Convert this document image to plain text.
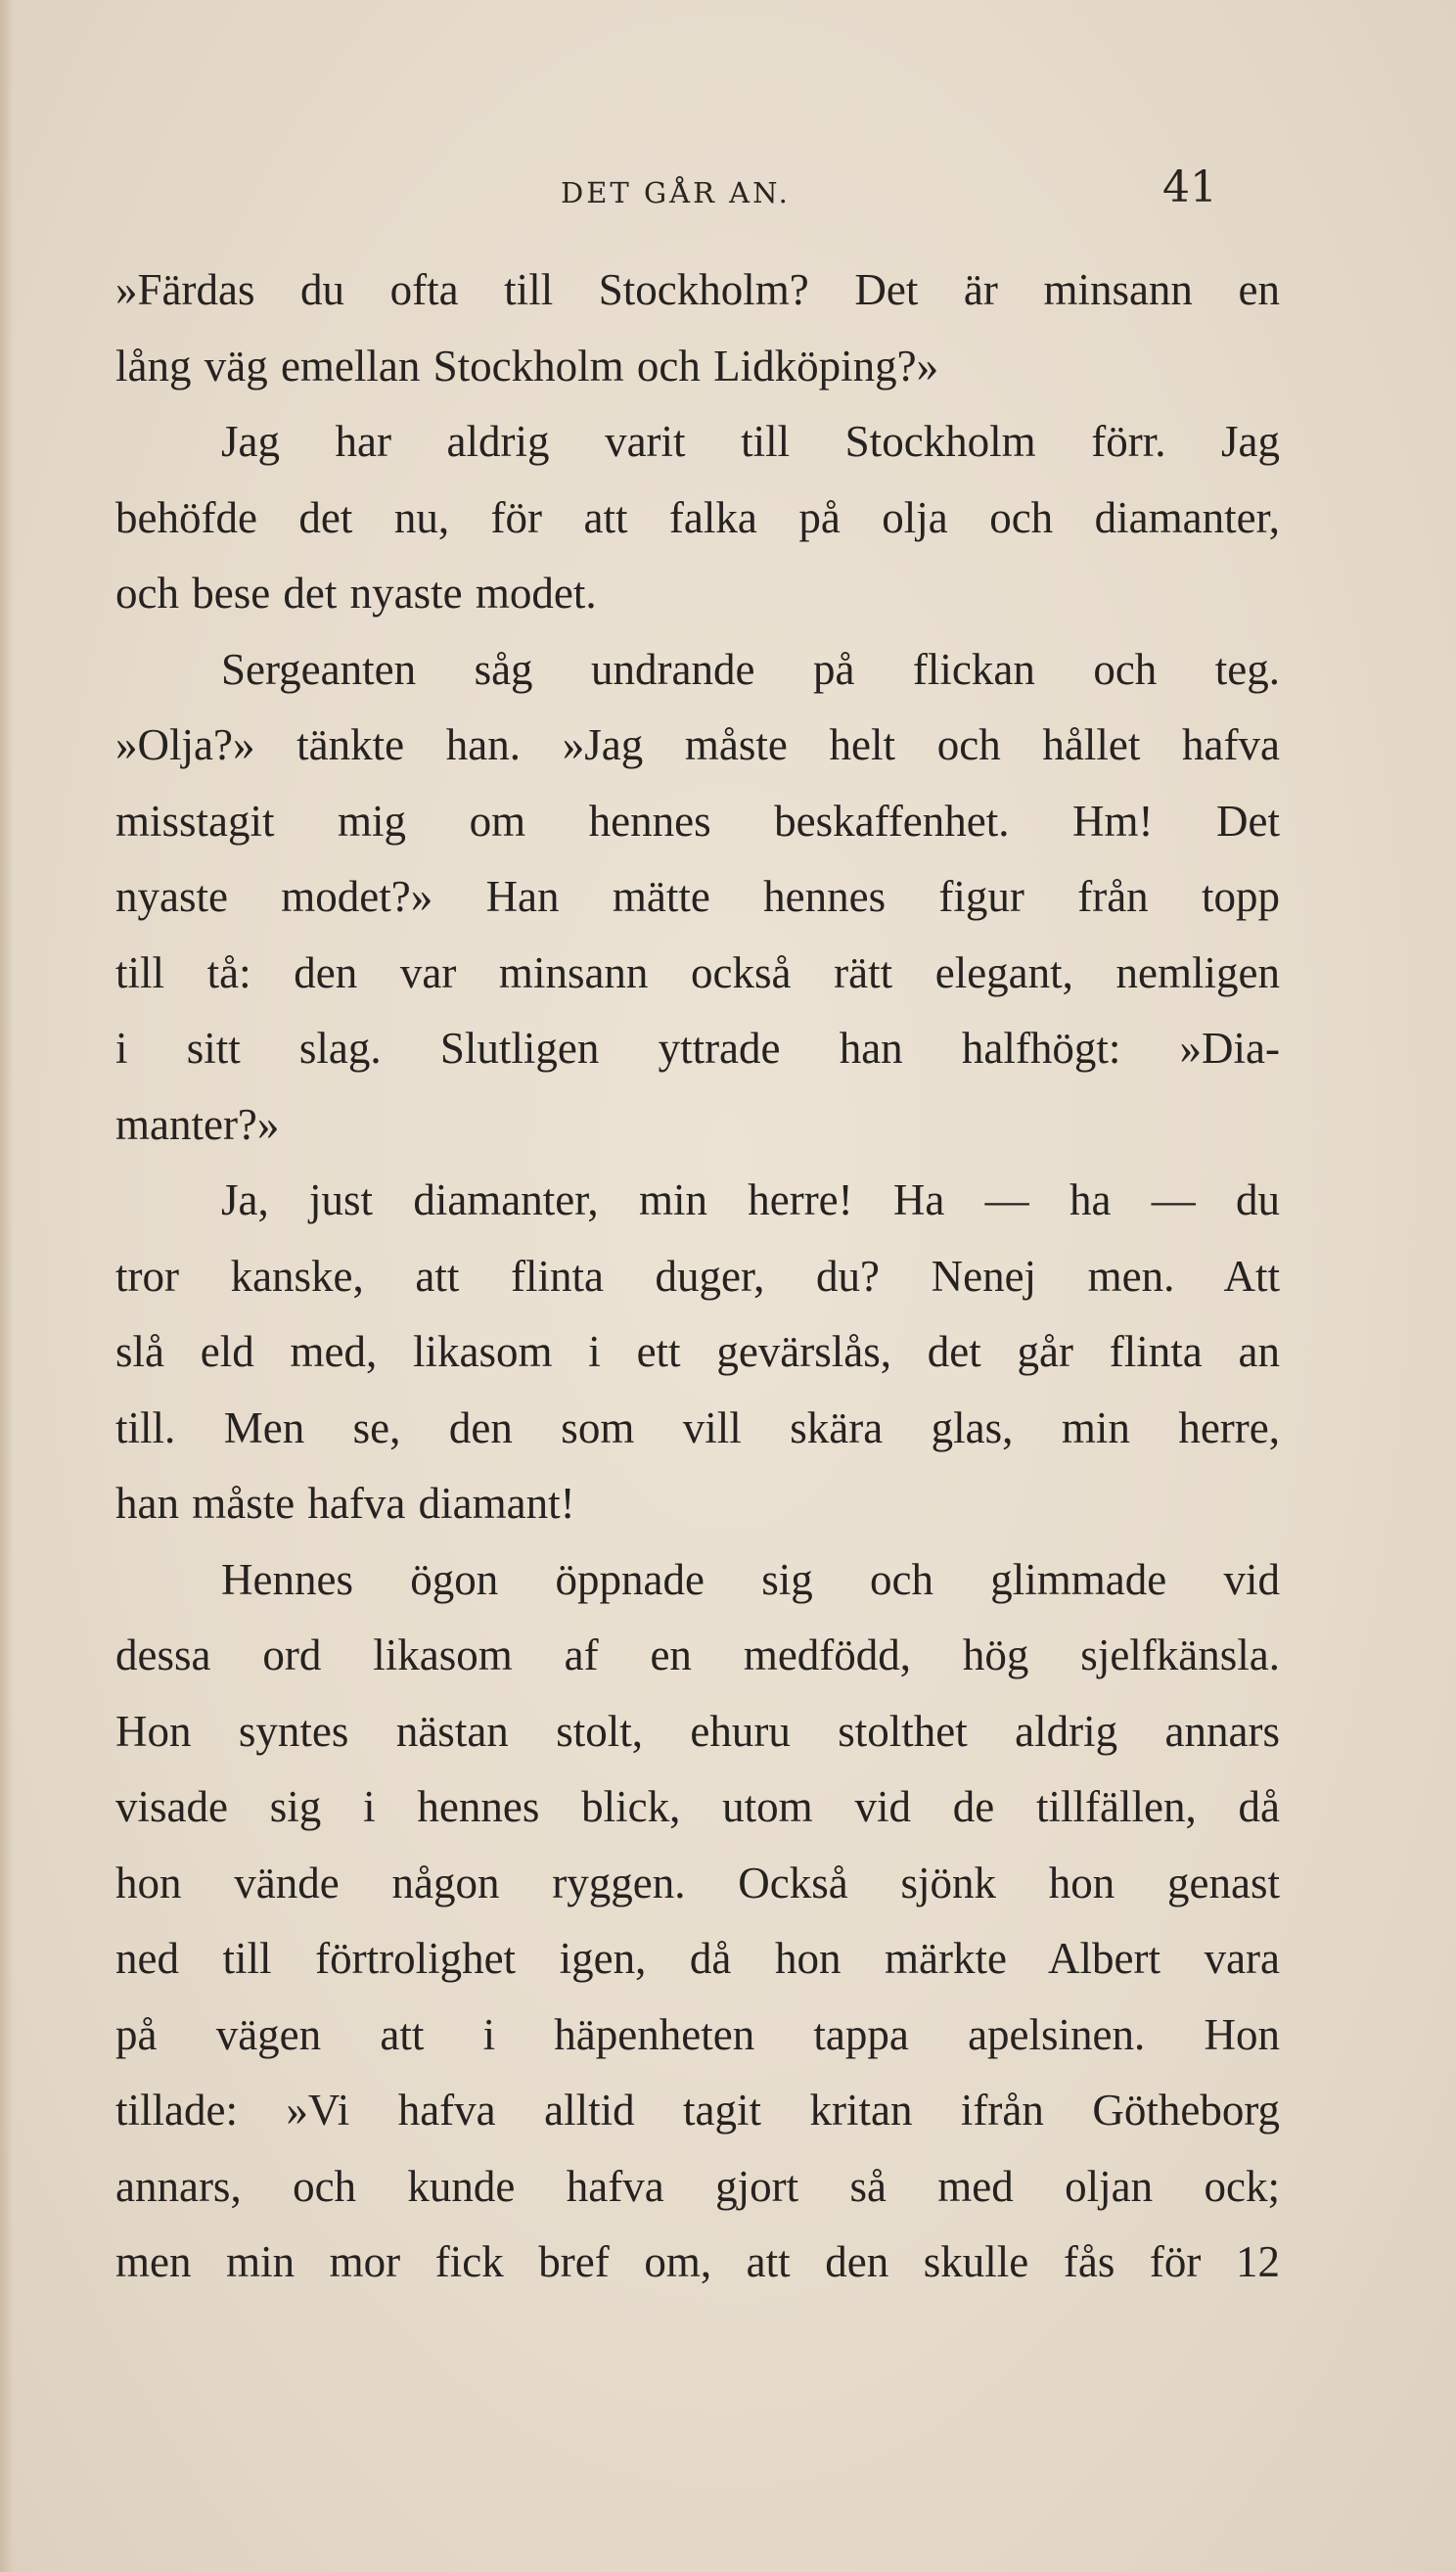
DET GÅR AN.	41
»Färdas du ofta till Stockholm? Det är minsann en
lång väg emellan Stockholm och Lidköping?»
Jag har aldrig varit till Stockholm förr. Jag
behöfde det nu, för att falka på olja och diamanter,
och bese det nyaste modet.
Sergeanten såg undrande på flickan och teg.
»Olja?» tänkte han. »Jag måste helt och hållet hafva
misstagit mig om hennes beskaffenhet. Hm! Det
nyaste modet?» Han mätte hennes figur från topp
till tå: den var minsann också rätt elegant, nemligen
i sitt slag. Slutligen yttrade han halfhögt: »Dia-
manter?»
Ja, just diamanter, min herre! Ha — ha — du
tror kanske, att flinta duger, du? Nenej men. Att
slå eld med, likasom i ett gevärslås, det går flinta an
till. Men se, den som vill skära glas, min herre,
han måste hafva diamant!
Hennes ögon öppnade sig och glimmade vid
dessa ord likasom af en medfödd, hög sjelfkänsla.
Hon syntes nästan stolt, ehuru stolthet aldrig annars
visade sig i hennes blick, utom vid de tillfällen, då
hon vände någon ryggen. Också sjönk hon genast
ned till förtrolighet igen, då hon märkte Albert vara
på vägen att i häpenheten tappa apelsinen. Hon
tillade: »Vi hafva alltid tagit kritan ifrån Götheborg
annars, och kunde hafva gjort så med oljan ock;
men min mor fick bref om, att den skulle fås för 12
